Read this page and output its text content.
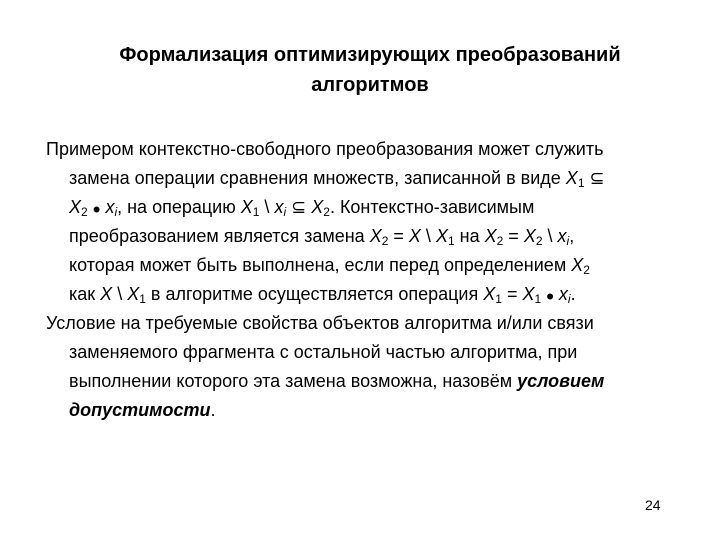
Формализация оптимизирующих преобразований
алгоритмов
Примером контекстно-свободного преобразования может служить
замена операции сравнения множеств, записанной в виде $X_1$ ⊆
$X_2$ • $x_i$, на операцию $X_1$ \ $x_i$ ⊆ $X_2$. Контекстно-зависимым
преобразованием является замена $X_2 = X$ \ $X_1$ на $X_2 = X_2$ \ $x_i$,
которая может быть выполнена, если перед определением $X_2$
как X \ $X_1$ в алгоритме осуществляется операция $X_1 = X_1$ • $x_i$.
Условие на требуемые свойства объектов алгоритма и/или связи
заменяемого фрагмента с остальной частью алгоритма, при
выполнении которого эта замена возможна, назовём условием
допустимости.
24
